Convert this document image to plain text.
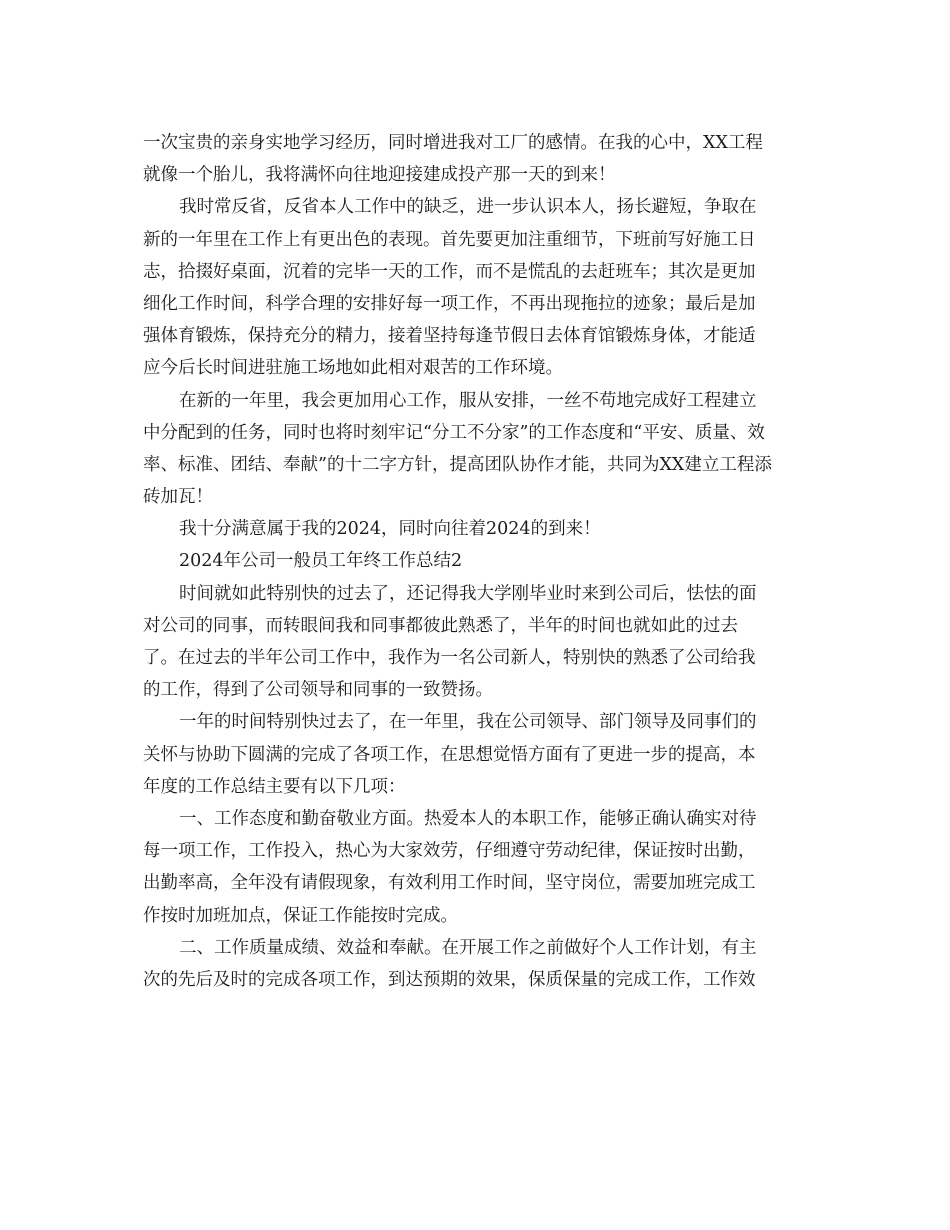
一次宝贵的亲身实地学习经历，同时增进我对工厂的感情。在我的心中，XX工程
就像一个胎儿，我将满怀向往地迎接建成投产那一天的到来！
我时常反省，反省本人工作中的缺乏，进一步认识本人，扬长避短，争取在
新的一年里在工作上有更出色的表现。首先要更加注重细节，下班前写好施工日
志，拾掇好桌面，沉着的完毕一天的工作，而不是慌乱的去赶班车；其次是更加
细化工作时间，科学合理的安排好每一项工作，不再出现拖拉的迹象；最后是加
强体育锻炼，保持充分的精力，接着坚持每逢节假日去体育馆锻炼身体，才能适
应今后长时间进驻施工场地如此相对艰苦的工作环境。
在新的一年里，我会更加用心工作，服从安排，一丝不苟地完成好工程建立
中分配到的任务，同时也将时刻牢记“分工不分家”的工作态度和“平安、质量、效
率、标准、团结、奉献”的十二字方针，提高团队协作才能，共同为XX建立工程添
砖加瓦！
我十分满意属于我的2024，同时向往着2024的到来！
2024年公司一般员工年终工作总结2
时间就如此特别快的过去了，还记得我大学刚毕业时来到公司后，怯怯的面
对公司的同事，而转眼间我和同事都彼此熟悉了，半年的时间也就如此的过去
了。在过去的半年公司工作中，我作为一名公司新人，特别快的熟悉了公司给我
的工作，得到了公司领导和同事的一致赞扬。
一年的时间特别快过去了，在一年里，我在公司领导、部门领导及同事们的
关怀与协助下圆满的完成了各项工作，在思想觉悟方面有了更进一步的提高，本
年度的工作总结主要有以下几项：
一、工作态度和勤奋敬业方面。热爱本人的本职工作，能够正确认确实对待
每一项工作，工作投入，热心为大家效劳，仔细遵守劳动纪律，保证按时出勤，
出勤率高，全年没有请假现象，有效利用工作时间，坚守岗位，需要加班完成工
作按时加班加点，保证工作能按时完成。
二、工作质量成绩、效益和奉献。在开展工作之前做好个人工作计划，有主
次的先后及时的完成各项工作，到达预期的效果，保质保量的完成工作，工作效
